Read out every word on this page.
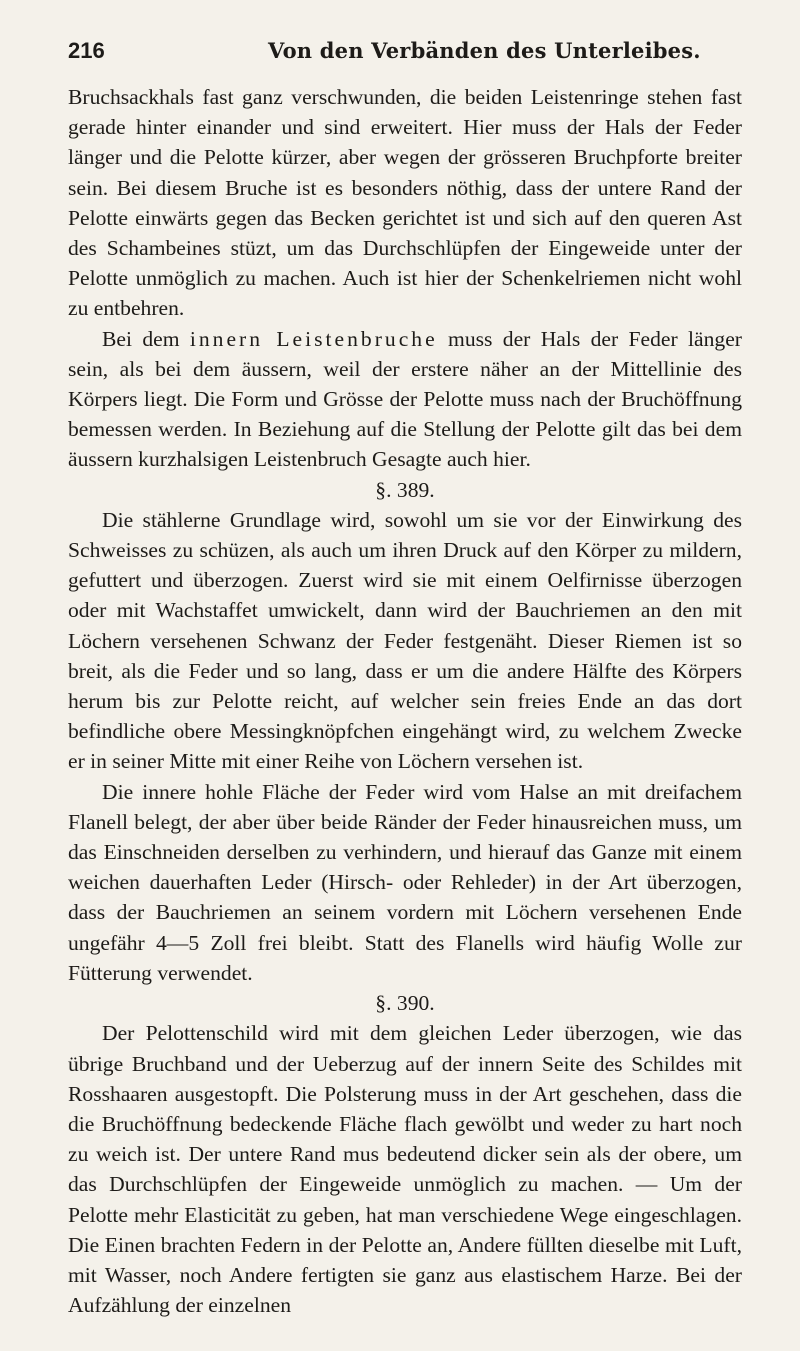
216	Von den Verbänden des Unterleibes.

Bruchsackhals fast ganz verschwunden, die beiden Leistenringe stehen fast gerade hinter einander und sind erweitert. Hier muss der Hals der Feder länger und die Pelotte kürzer, aber wegen der grösseren Bruchpforte breiter sein. Bei diesem Bruche ist es besonders nöthig, dass der untere Rand der Pelotte einwärts gegen das Becken gerichtet ist und sich auf den queren Ast des Schambeines stüzt, um das Durchschlüpfen der Eingeweide unter der Pelotte unmöglich zu machen. Auch ist hier der Schenkelriemen nicht wohl zu entbehren.

Bei dem innern Leistenbruche muss der Hals der Feder länger sein, als bei dem äussern, weil der erstere näher an der Mittellinie des Körpers liegt. Die Form und Grösse der Pelotte muss nach der Bruchöffnung bemessen werden. In Beziehung auf die Stellung der Pelotte gilt das bei dem äussern kurzhalsigen Leistenbruch Gesagte auch hier.

§. 389.

Die stählerne Grundlage wird, sowohl um sie vor der Einwirkung des Schweisses zu schüzen, als auch um ihren Druck auf den Körper zu mildern, gefuttert und überzogen. Zuerst wird sie mit einem Oelfirnisse überzogen oder mit Wachstaffet umwickelt, dann wird der Bauchriemen an den mit Löchern versehenen Schwanz der Feder festgenäht. Dieser Riemen ist so breit, als die Feder und so lang, dass er um die andere Hälfte des Körpers herum bis zur Pelotte reicht, auf welcher sein freies Ende an das dort befindliche obere Messingknöpfchen eingehängt wird, zu welchem Zwecke er in seiner Mitte mit einer Reihe von Löchern versehen ist.

Die innere hohle Fläche der Feder wird vom Halse an mit dreifachem Flanell belegt, der aber über beide Ränder der Feder hinausreichen muss, um das Einschneiden derselben zu verhindern, und hierauf das Ganze mit einem weichen dauerhaften Leder (Hirsch- oder Rehleder) in der Art überzogen, dass der Bauchriemen an seinem vordern mit Löchern versehenen Ende ungefähr 4—5 Zoll frei bleibt. Statt des Flanells wird häufig Wolle zur Fütterung verwendet.

§. 390.

Der Pelottenschild wird mit dem gleichen Leder überzogen, wie das übrige Bruchband und der Ueberzug auf der innern Seite des Schildes mit Rosshaaren ausgestopft. Die Polsterung muss in der Art geschehen, dass die die Bruchöffnung bedeckende Fläche flach gewölbt und weder zu hart noch zu weich ist. Der untere Rand mus bedeutend dicker sein als der obere, um das Durchschlüpfen der Eingeweide unmöglich zu machen. — Um der Pelotte mehr Elasticität zu geben, hat man verschiedene Wege eingeschlagen. Die Einen brachten Federn in der Pelotte an, Andere füllten dieselbe mit Luft, mit Wasser, noch Andere fertigten sie ganz aus elastischem Harze. Bei der Aufzählung der einzelnen
